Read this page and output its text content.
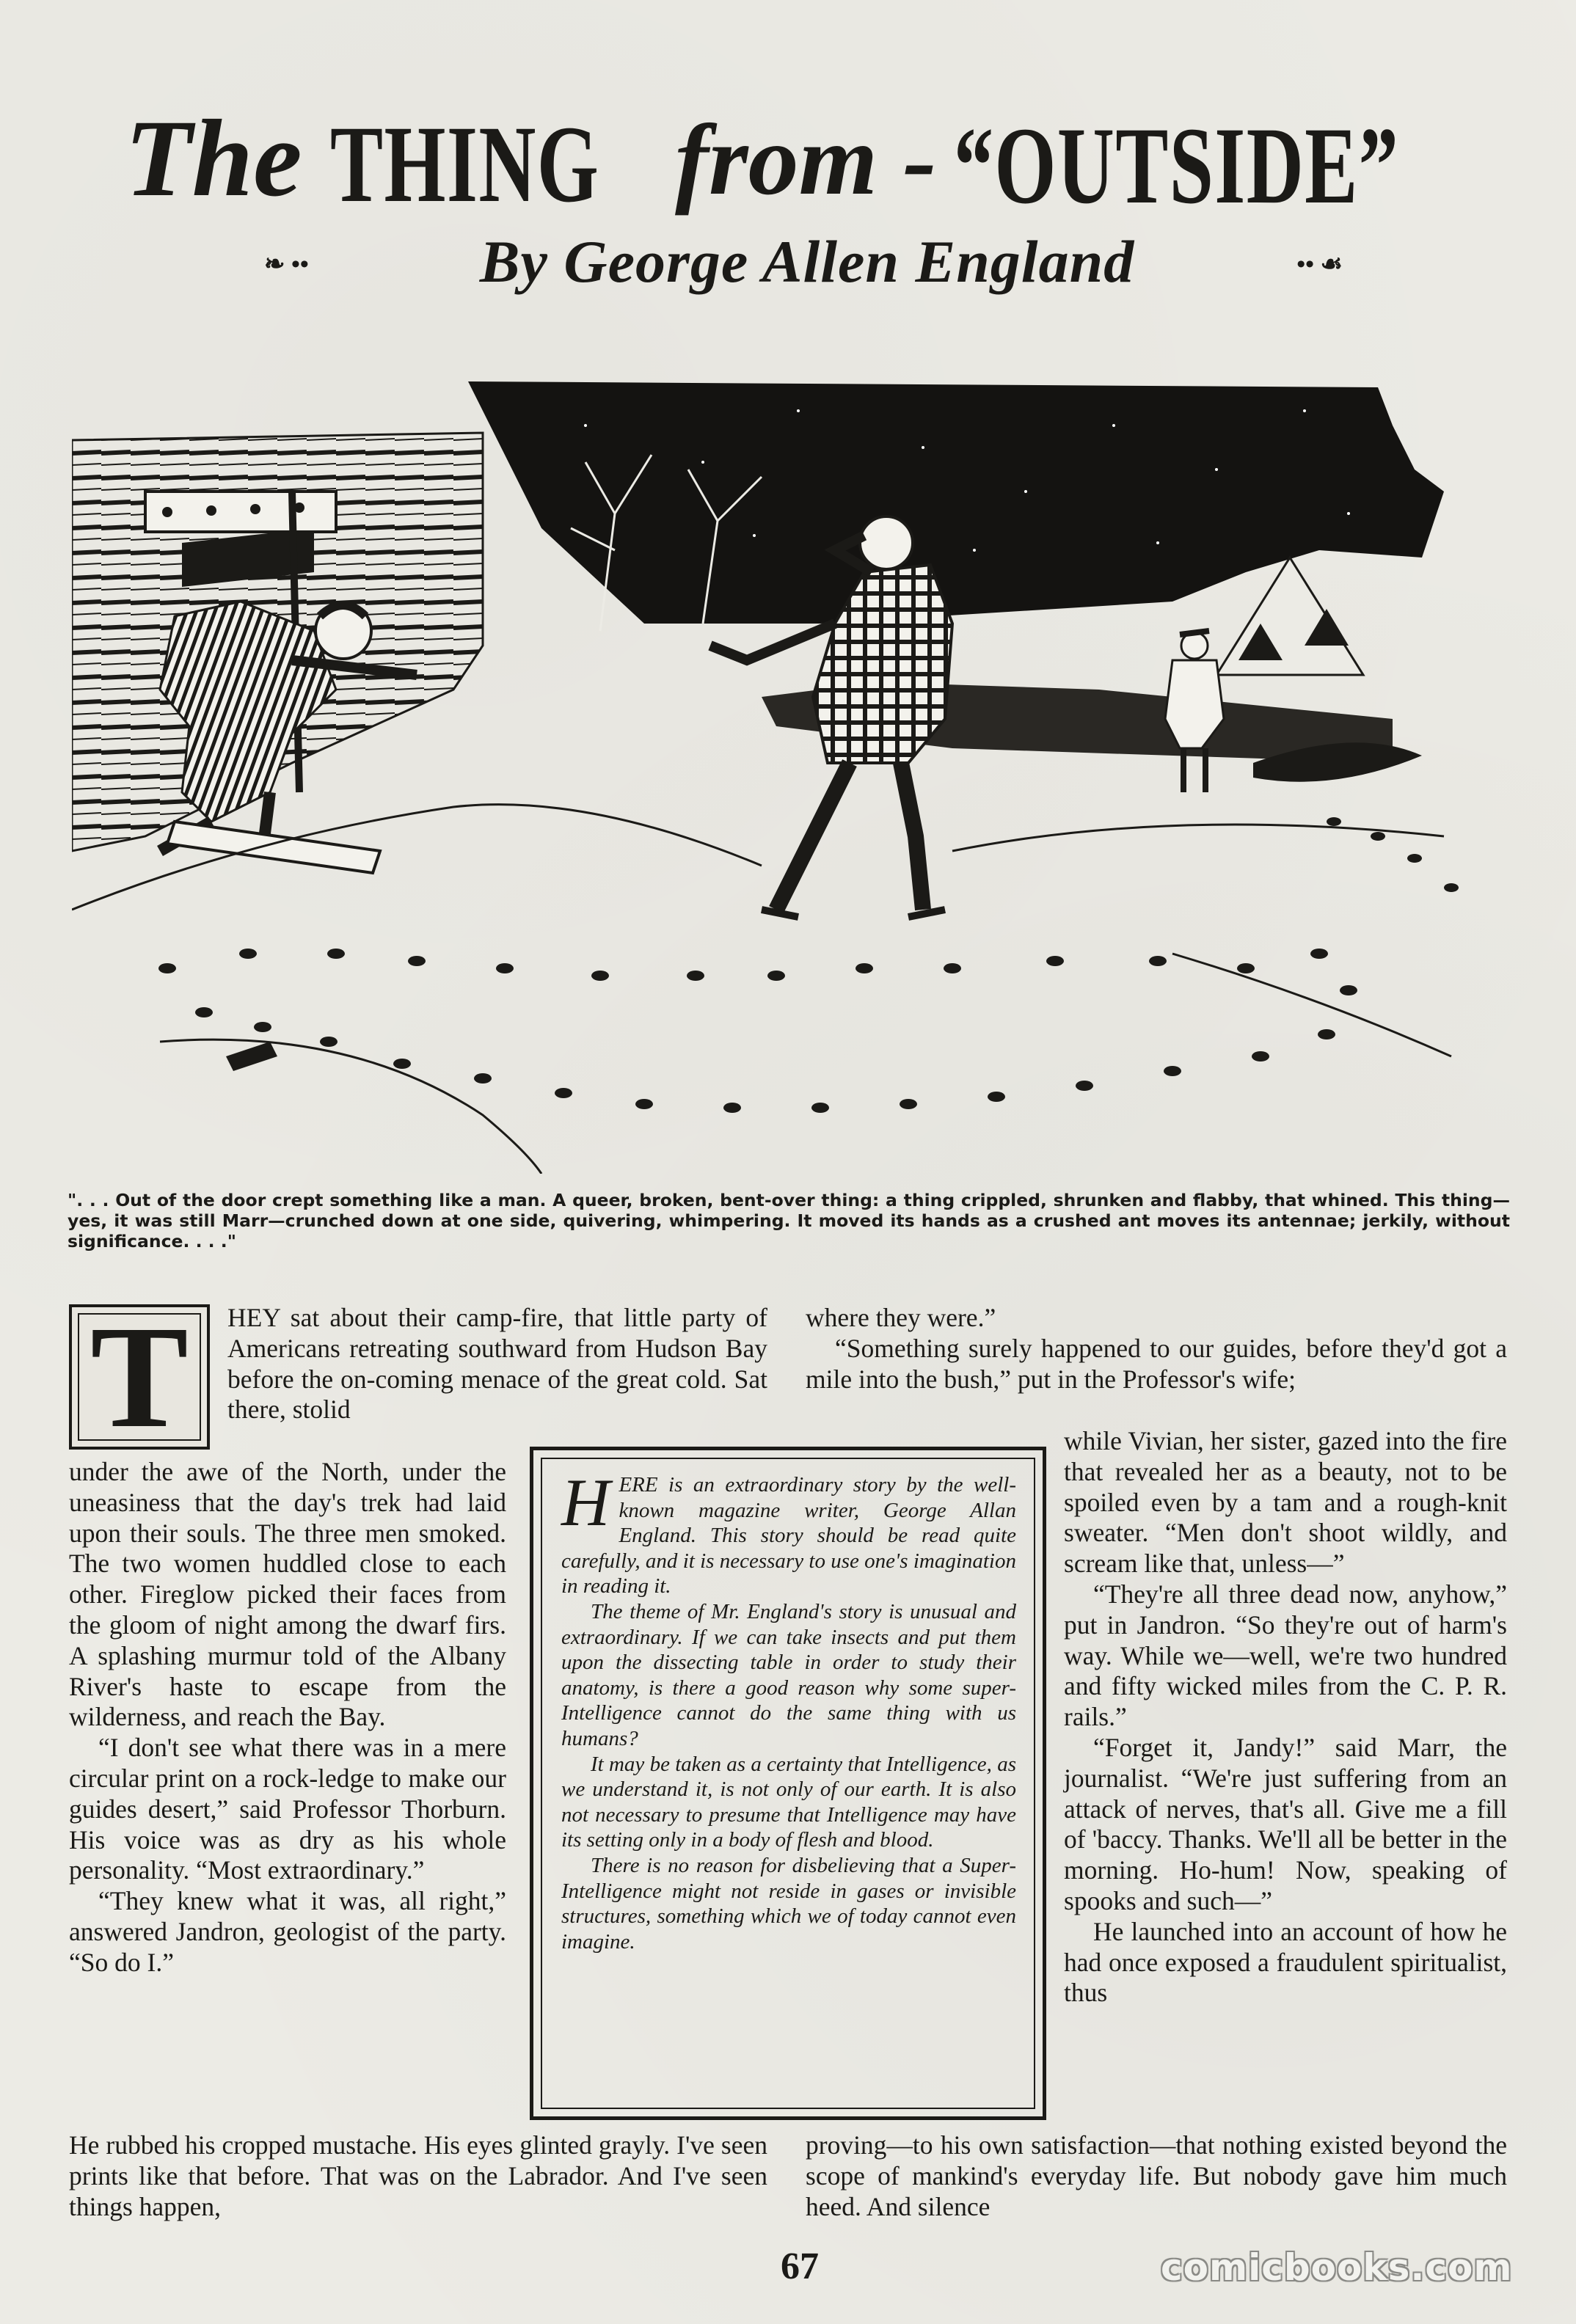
The THING from - “OUTSIDE”
❧ ••	By George Allen England	•• ☙
". . . Out of the door crept something like a man. A queer, broken, bent-over thing: a thing crippled, shrunken and flabby, that whined. This thing—yes, it was still Marr—crunched down at one side, quivering, whimpering. It moved its hands as a crushed ant moves its antennae; jerkily, without significance. . . ."
T	HEY sat about their camp-fire, that little party of Americans retreating southward from Hudson Bay before the on-coming menace of the great cold. Sat there, stolid

under the awe of the North, under the uneasiness that the day's trek had laid upon their souls. The three men smoked. The two women huddled close to each other. Fireglow picked their faces from the gloom of night among the dwarf firs. A splashing murmur told of the Albany River's haste to escape from the wilderness, and reach the Bay.

“I don't see what there was in a mere circular print on a rock-ledge to make our guides desert,” said Professor Thorburn. His voice was as dry as his whole personality. “Most extraordinary.”

“They knew what it was, all right,” answered Jandron, geologist of the party. “So do I.”

He rubbed his cropped mustache. His eyes glinted grayly. I've seen prints like that before. That was on the Labrador. And I've seen things happen,

HERE is an extraordinary story by the well-known magazine writer, George Allan England. This story should be read quite carefully, and it is necessary to use one's imagination in reading it.

The theme of Mr. England's story is unusual and extraordinary. If we can take insects and put them upon the dissecting table in order to study their anatomy, is there a good reason why some super-Intelligence cannot do the same thing with us humans?

It may be taken as a certainty that Intelligence, as we understand it, is not only of our earth. It is also not necessary to presume that Intelligence may have its setting only in a body of flesh and blood.

There is no reason for disbelieving that a Super-Intelligence might not reside in gases or invisible structures, something which we of today cannot even imagine.

where they were.”

“Something surely happened to our guides, before they'd got a mile into the bush,” put in the Professor's wife;

while Vivian, her sister, gazed into the fire that revealed her as a beauty, not to be spoiled even by a tam and a rough-knit sweater. “Men don't shoot wildly, and scream like that, unless—”

“They're all three dead now, anyhow,” put in Jandron. “So they're out of harm's way. While we—well, we're two hundred and fifty wicked miles from the C. P. R. rails.”

“Forget it, Jandy!” said Marr, the journalist. “We're just suffering from an attack of nerves, that's all. Give me a fill of 'baccy. Thanks. We'll all be better in the morning. Ho-hum! Now, speaking of spooks and such—”

He launched into an account of how he had once exposed a fraudulent spiritualist, thus

proving—to his own satisfaction—that nothing existed beyond the scope of mankind's everyday life. But nobody gave him much heed. And silence

67	comicbooks.com
